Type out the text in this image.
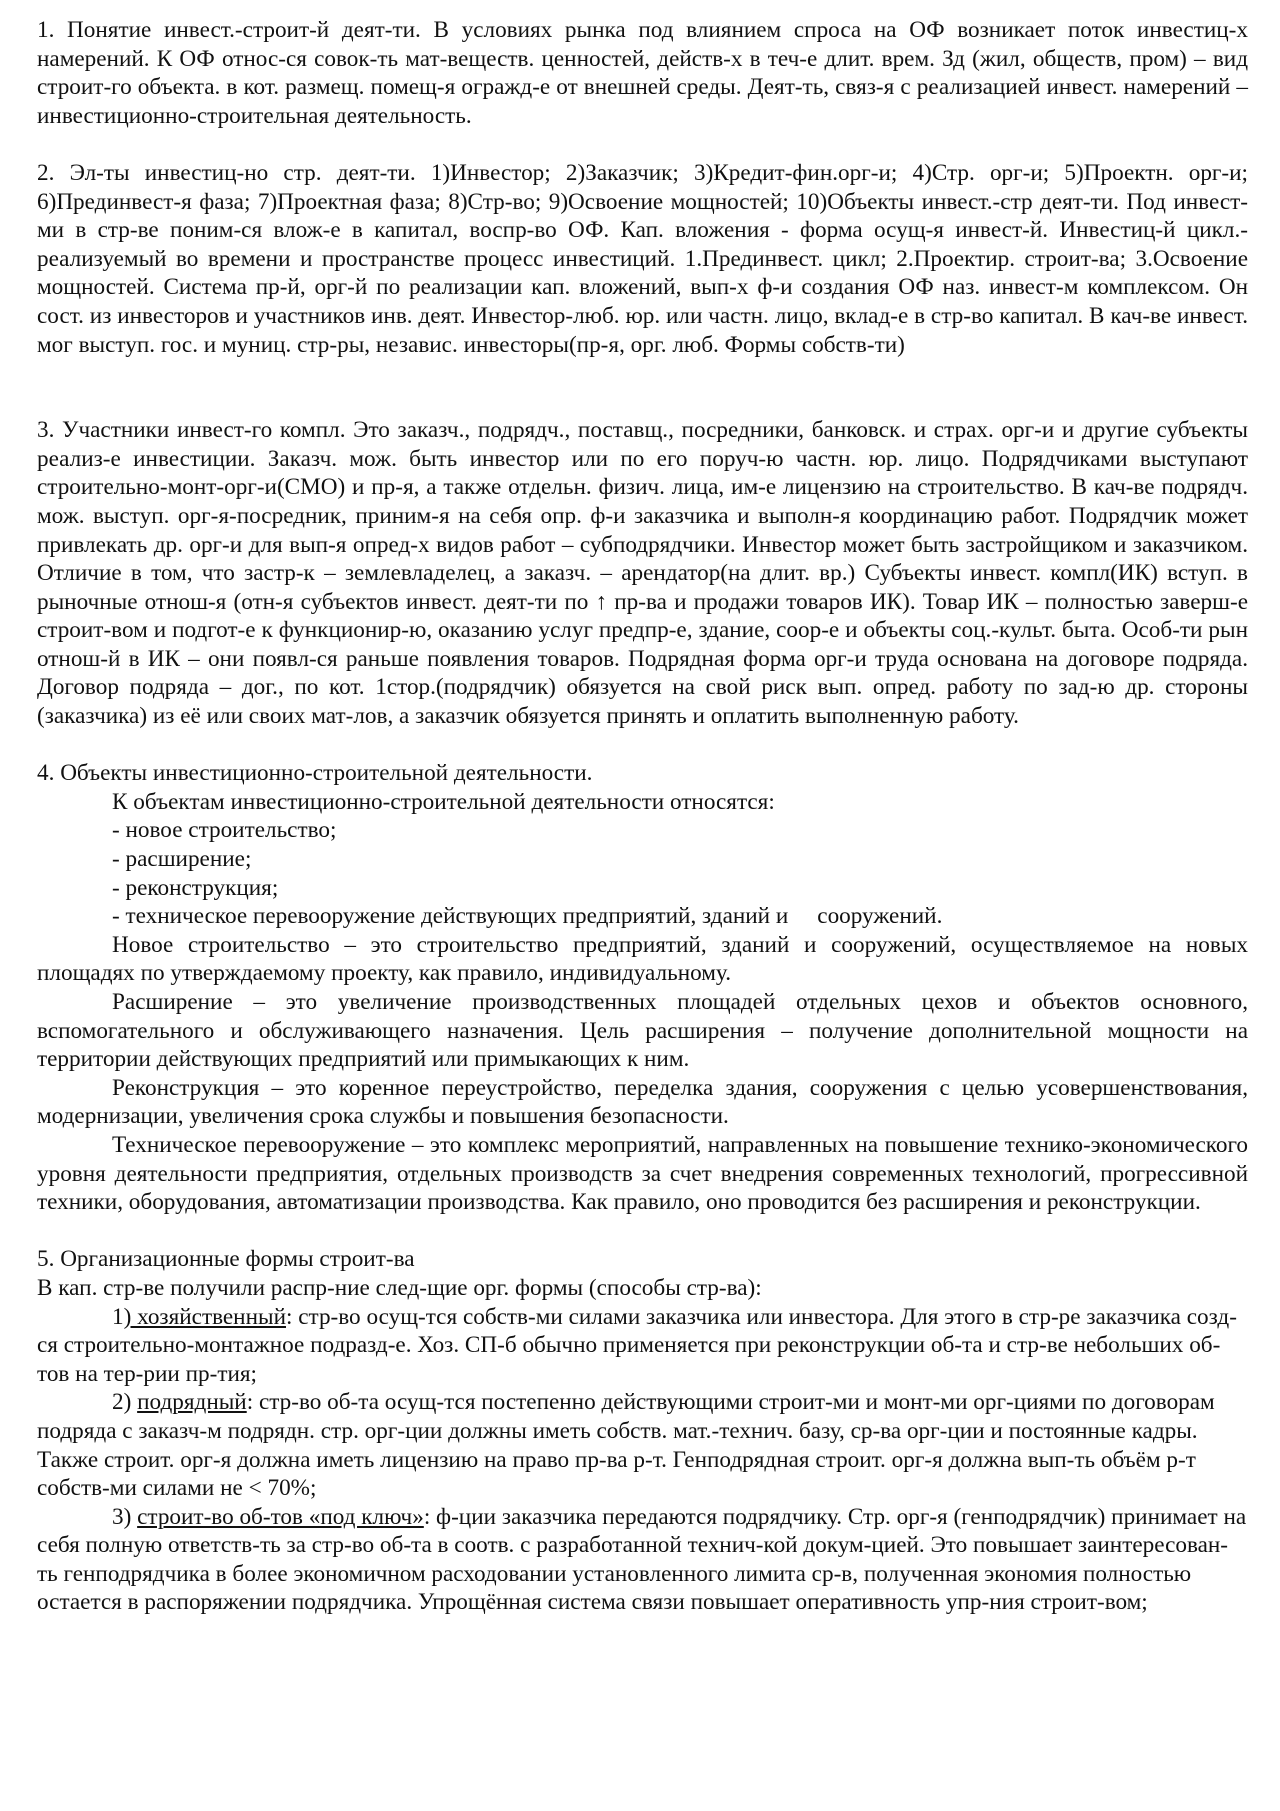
1. Понятие инвест.-строит-й деят-ти. В условиях рынка под влиянием спроса на ОФ возникает поток инвестиц-х намерений. К ОФ относ-ся совок-ть мат-веществ. ценностей, действ-х в теч-е длит. врем. Зд (жил, обществ, пром) – вид строит-го объекта. в кот. размещ. помещ-я огражд-е от внешней среды. Деят-ть, связ-я с реализацией инвест. намерений – инвестиционно-строительная деятельность.

2. Эл-ты инвестиц-но стр. деят-ти. 1)Инвестор; 2)Заказчик; 3)Кредит-фин.орг-и; 4)Стр. орг-и; 5)Проектн. орг-и; 6)Прединвест-я фаза; 7)Проектная фаза; 8)Стр-во; 9)Освоение мощностей; 10)Объекты инвест.-стр деят-ти. Под инвест-ми в стр-ве поним-ся влож-е в капитал, воспр-во ОФ. Кап. вложения - форма осущ-я инвест-й. Инвестиц-й цикл.- реализуемый во времени и пространстве процесс инвестиций. 1.Прединвест. цикл; 2.Проектир. строит-ва; 3.Освоение мощностей. Система пр-й, орг-й по реализации кап. вложений, вып-х ф-и создания ОФ наз. инвест-м комплексом. Он сост. из инвесторов и участников инв. деят. Инвестор-люб. юр. или частн. лицо, вклад-е в стр-во капитал. В кач-ве инвест. мог выступ. гос. и муниц. стр-ры, независ. инвесторы(пр-я, орг. люб. Формы собств-ти)

3. Участники инвест-го компл. Это заказч., подрядч., поставщ., посредники, банковск. и страх. орг-и и другие субъекты реализ-е инвестиции. Заказч. мож. быть инвестор или по его поруч-ю частн. юр. лицо. Подрядчиками выступают строительно-монт-орг-и(СМО) и пр-я, а также отдельн. физич. лица, им-е лицензию на строительство. В кач-ве подрядч. мож. выступ. орг-я-посредник, приним-я на себя опр. ф-и заказчика и выполн-я координацию работ. Подрядчик может привлекать др. орг-и для вып-я опред-х видов работ – субподрядчики. Инвестор может быть застройщиком и заказчиком. Отличие в том, что застр-к – землевладелец, а заказч. – арендатор(на длит. вр.) Субъекты инвест. компл(ИК) вступ. в рыночные отнош-я (отн-я субъектов инвест. деят-ти по ↑ пр-ва и продажи товаров ИК). Товар ИК – полностью заверш-е строит-вом и подгот-е к функционир-ю, оказанию услуг предпр-е, здание, соор-е и объекты соц.-культ. быта. Особ-ти рын отнош-й в ИК – они появл-ся раньше появления товаров. Подрядная форма орг-и труда основана на договоре подряда. Договор подряда – дог., по кот. 1стор.(подрядчик) обязуется на свой риск вып. опред. работу по зад-ю др. стороны (заказчика) из её или своих мат-лов, а заказчик обязуется принять и оплатить выполненную работу.

4. Объекты инвестиционно-строительной деятельности.

К объектам инвестиционно-строительной деятельности относятся:

- новое строительство;

- расширение;

- реконструкция;

- техническое перевооружение действующих предприятий, зданий и     сооружений.

Новое строительство – это строительство предприятий, зданий и сооружений, осуществляемое на новых площадях по утверждаемому проекту, как правило, индивидуальному.

Расширение – это увеличение производственных площадей отдельных цехов и объектов основного, вспомогательного и обслуживающего назначения. Цель расширения – получение дополнительной мощности на территории действующих предприятий или примыкающих к ним.

Реконструкция – это коренное переустройство, переделка здания, сооружения с целью усовершенствования, модернизации, увеличения срока службы и повышения безопасности.

Техническое перевооружение – это комплекс мероприятий, направленных на повышение технико-экономического уровня деятельности предприятия, отдельных производств за счет внедрения современных технологий, прогрессивной техники, оборудования, автоматизации производства. Как правило, оно проводится без расширения и реконструкции.

5. Организационные формы строит-ва

В кап. стр-ве получили распр-ние след-щие орг. формы (способы стр-ва):

1) хозяйственный: стр-во осущ-тся собств-ми силами заказчика или инвестора. Для этого в стр-ре заказчика созд-ся строительно-монтажное подразд-е. Хоз. СП-б обычно применяется при реконструкции об-та и стр-ве небольших об-тов на тер-рии пр-тия;

2) подрядный: стр-во об-та осущ-тся постепенно действующими строит-ми и монт-ми орг-циями по договорам подряда с заказч-м подрядн. стр. орг-ции должны иметь собств. мат.-технич. базу, ср-ва орг-ции и постоянные кадры. Также строит. орг-я должна иметь лицензию на право пр-ва р-т. Генподрядная строит. орг-я должна вып-ть объём р-т собств-ми силами не < 70%;

3) строит-во об-тов «под ключ»: ф-ции заказчика передаются подрядчику. Стр. орг-я (генподрядчик) принимает на себя полную ответств-ть за стр-во об-та в соотв. с разработанной технич-кой докум-цией. Это повышает заинтересован-ть генподрядчика в более экономичном расходовании установленного лимита ср-в, полученная экономия полностью остается в распоряжении подрядчика. Упрощённая система связи повышает оперативность упр-ния строит-вом;
